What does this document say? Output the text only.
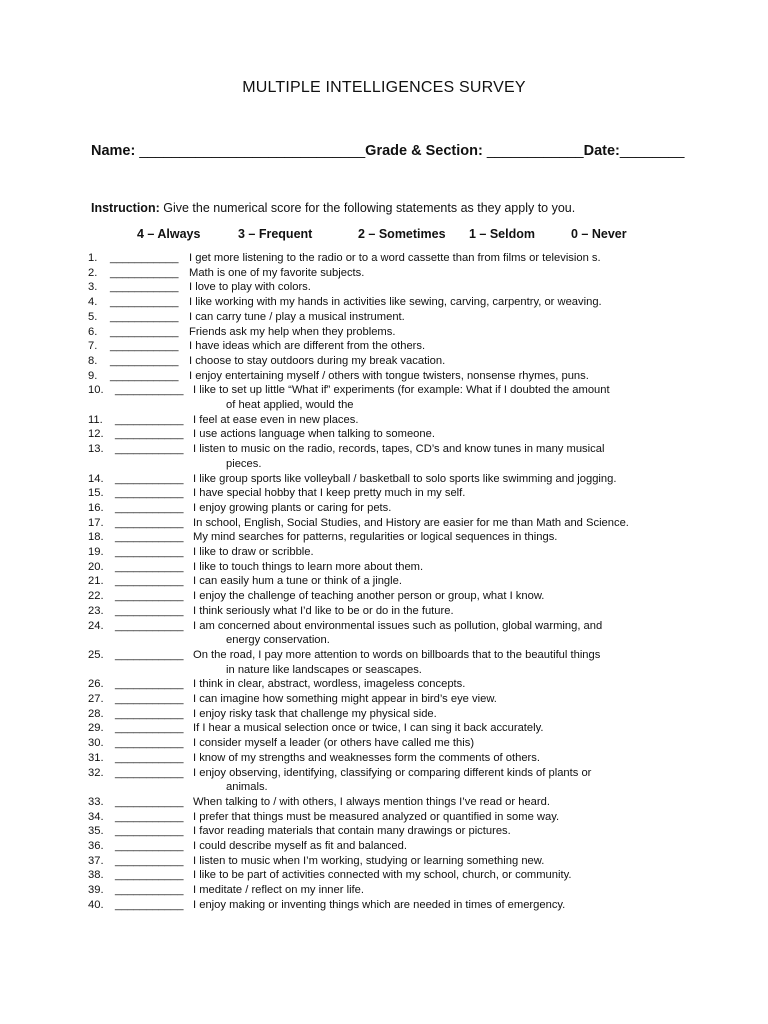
MULTIPLE INTELLIGENCES SURVEY
Name: ____________________________Grade & Section: ____________Date:________
Instruction: Give the numerical score for the following statements as they apply to you.
4 – Always	3 – Frequent	2 – Sometimes 1 – Seldom	0 – Never
1.	___________ I get more listening to the radio or to a word cassette than from films or television s.
2.	___________ Math is one of my favorite subjects.
3.	___________ I love to play with colors.
4.	___________ I like working with my hands in activities like sewing, carving, carpentry, or weaving.
5.	___________ I can carry tune / play a musical instrument.
6.	___________ Friends ask my help when they problems.
7.	___________ I have ideas which are different from the others.
8.	___________ I choose to stay outdoors during my break vacation.
9.	___________ I enjoy entertaining myself / others with tongue twisters, nonsense rhymes, puns.
10.	___________ I like to set up little “What if” experiments (for example: What if I doubted the amount
of heat applied, would the
11.	___________ I feel at ease even in new places.
12.	___________ I use actions language when talking to someone.
13.	___________ I listen to music on the radio, records, tapes, CD’s and know tunes in many musical
pieces.
14.	___________ I like group sports like volleyball / basketball to solo sports like swimming and jogging.
15.	___________ I have special hobby that I keep pretty much in my self.
16.	___________ I enjoy growing plants or caring for pets.
17.	___________ In school, English, Social Studies, and History are easier for me than Math and Science.
18.	___________ My mind searches for patterns, regularities or logical sequences in things.
19.	___________ I like to draw or scribble.
20.	___________ I like to touch things to learn more about them.
21.	___________ I can easily hum a tune or think of a jingle.
22.	___________ I enjoy the challenge of teaching another person or group, what I know.
23.	___________ I think seriously what I’d like to be or do in the future.
24.	___________ I am concerned about environmental issues such as pollution, global warming, and
energy conservation.
25.	___________ On the road, I pay more attention to words on billboards that to the beautiful things
in nature like landscapes or seascapes.
26.	___________ I think in clear, abstract, wordless, imageless concepts.
27.	___________ I can imagine how something might appear in bird’s eye view.
28.	___________ I enjoy risky task that challenge my physical side.
29.	___________ If I hear a musical selection once or twice, I can sing it back accurately.
30.	___________ I consider myself a leader (or others have called me this)
31.	___________ I know of my strengths and weaknesses form the comments of others.
32.	___________ I enjoy observing, identifying, classifying or comparing different kinds of plants or
animals.
33.	___________ When talking to / with others, I always mention things I’ve read or heard.
34.	___________ I prefer that things must be measured analyzed or quantified in some way.
35.	___________ I favor reading materials that contain many drawings or pictures.
36.	___________ I could describe myself as fit and balanced.
37.	___________ I listen to music when I’m working, studying or learning something new.
38.	___________ I like to be part of activities connected with my school, church, or community.
39.	___________ I meditate / reflect on my inner life.
40.	___________ I enjoy making or inventing things which are needed in times of emergency.
